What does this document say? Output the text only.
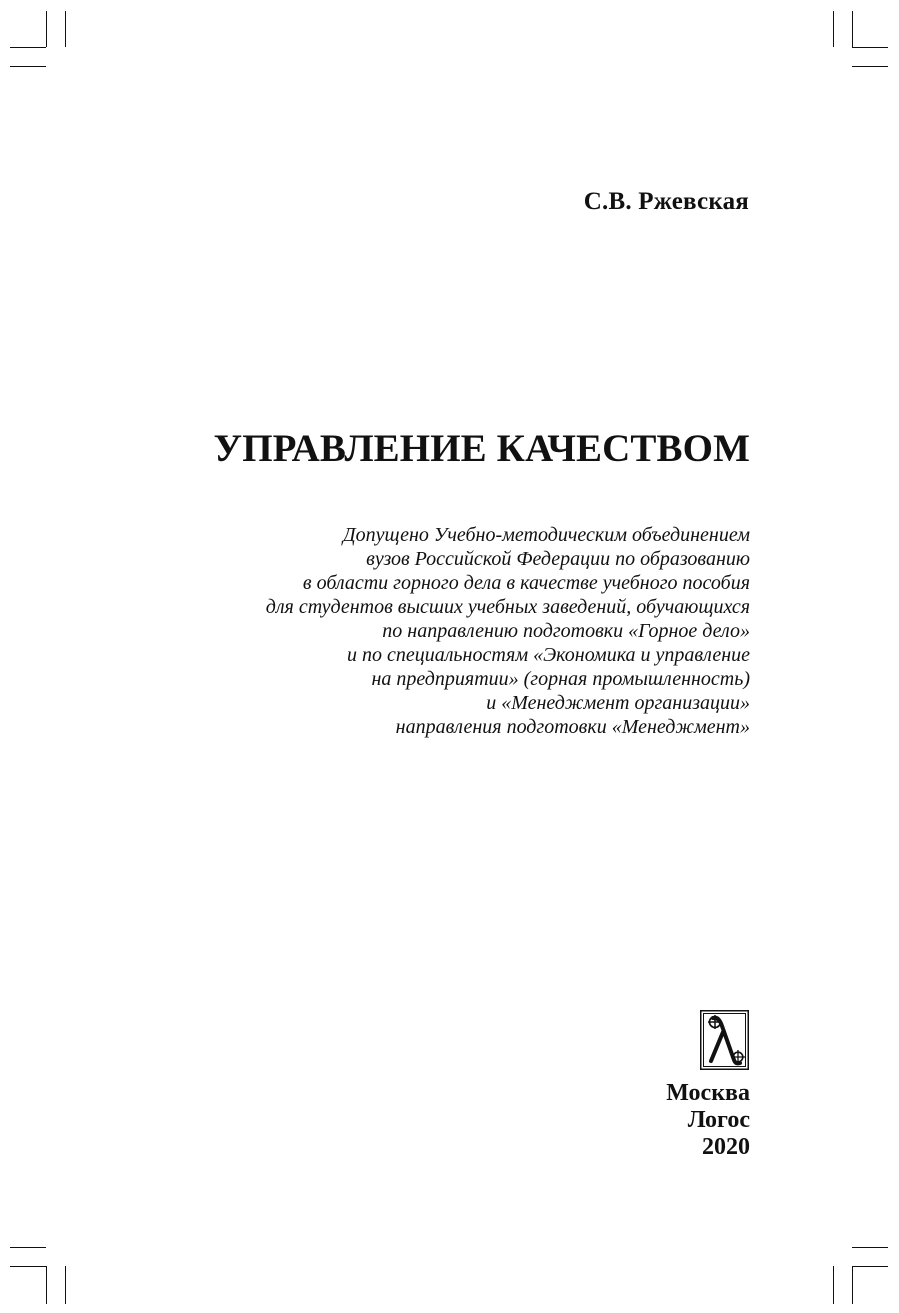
С.В. Ржевская
УПРАВЛЕНИЕ КАЧЕСТВОМ
Допущено Учебно-методическим объединением
вузов Российской Федерации по образованию
в области горного дела в качестве учебного пособия
для студентов высших учебных заведений, обучающихся
по направлению подготовки «Горное дело»
и по специальностям «Экономика и управление
на предприятии» (горная промышленность)
и «Менеджмент организации»
направления подготовки «Менеджмент»
Москва
Логос
2020
